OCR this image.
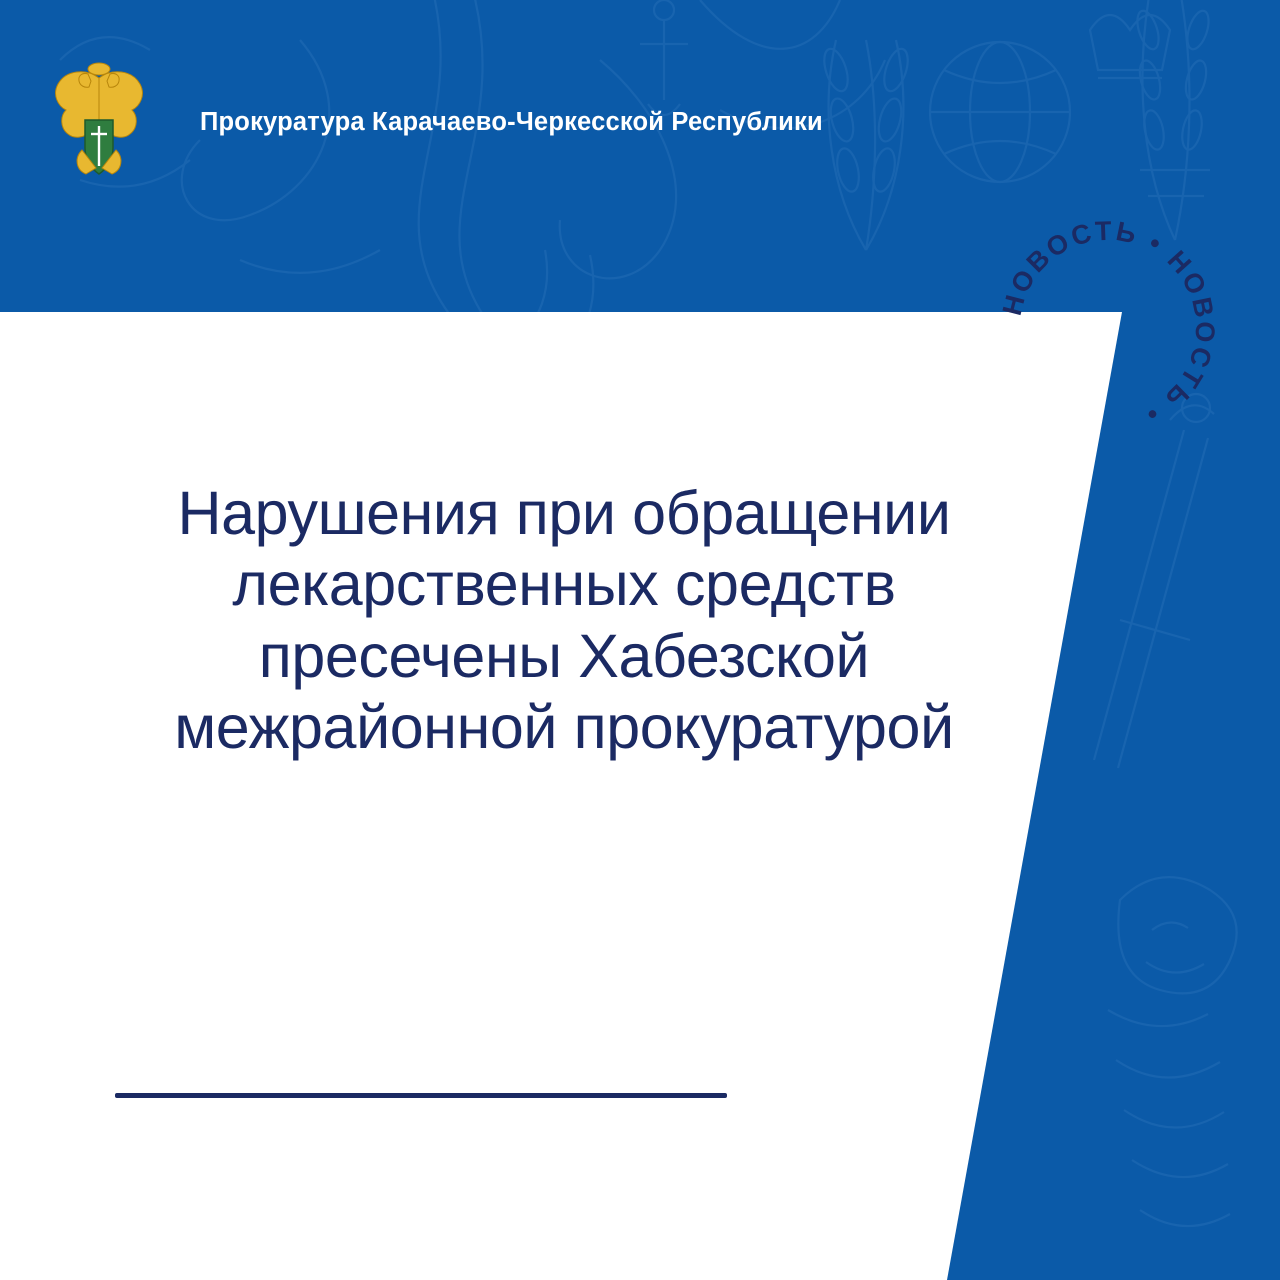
Прокуратура Карачаево-Черкесской Республики
НОВОСТЬ • НОВОСТЬ •
Нарушения при обращении лекарственных средств пресечены Хабезской межрайонной прокуратурой
